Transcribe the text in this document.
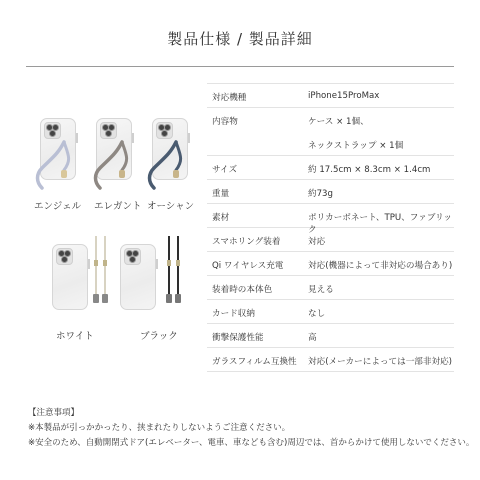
製品仕様 / 製品詳細
エンジェル エレガント オーシャン
ホワイト	ブラック
対応機種	iPhone15ProMax
内容物	ケース × 1個、
ネックストラップ × 1個
サイズ	約 17.5cm × 8.3cm × 1.4cm
重量	約73g
素材	ポリカーボネート、TPU、ファブリック
スマホリング装着	対応
Qi ワイヤレス充電	対応(機器によって非対応の場合あり)
装着時の本体色	見える
カード収納	なし
衝撃保護性能	高
ガラスフィルム互換性 対応(メーカーによっては一部非対応)
【注意事項】
※本製品が引っかかったり、挟まれたりしないようご注意ください。
※安全のため、自動開閉式ドア(エレベーター、電車、車なども含む)周辺では、首からかけて使用しないでください。
